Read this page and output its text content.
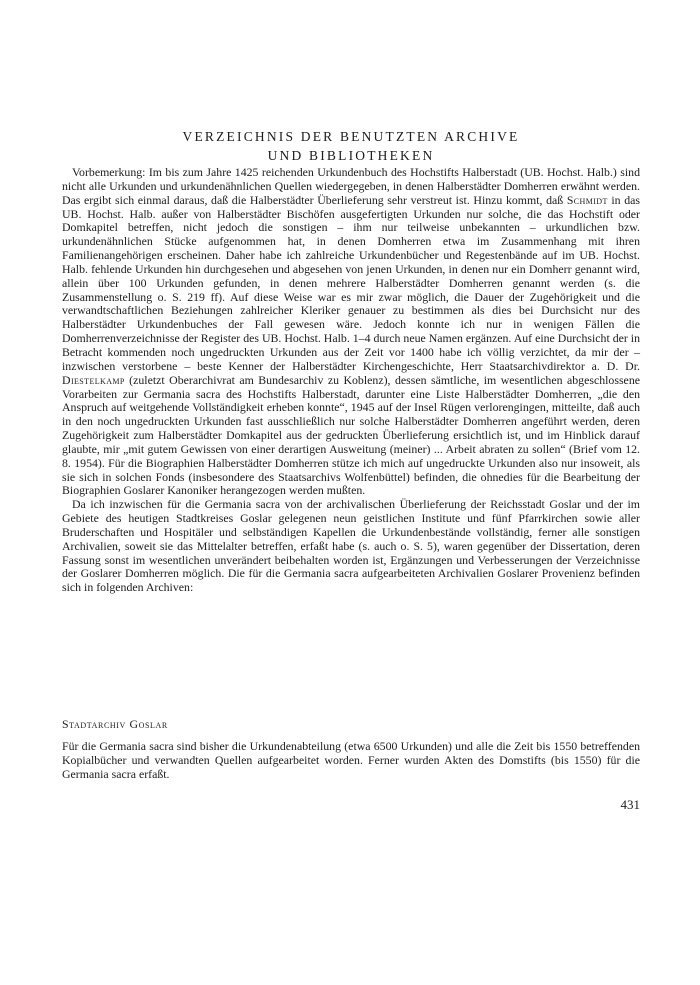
VERZEICHNIS DER BENUTZTEN ARCHIVE
UND BIBLIOTHEKEN

Vorbemerkung: Im bis zum Jahre 1425 reichenden Urkundenbuch des Hochstifts Halberstadt (UB. Hochst. Halb.) sind nicht alle Urkunden und urkundenähnlichen Quellen wiedergegeben, in denen Halberstädter Domherren erwähnt werden. Das ergibt sich einmal daraus, daß die Halberstädter Überlieferung sehr verstreut ist. Hinzu kommt, daß Schmidt in das UB. Hochst. Halb. außer von Halberstädter Bischöfen ausgefertigten Urkunden nur solche, die das Hochstift oder Domkapitel betreffen, nicht jedoch die sonstigen – ihm nur teilweise unbekannten – urkundlichen bzw. urkundenähnlichen Stücke aufgenommen hat, in denen Domherren etwa im Zusammenhang mit ihren Familienangehörigen erscheinen. Daher habe ich zahlreiche Urkundenbücher und Regestenbände auf im UB. Hochst. Halb. fehlende Urkunden hin durchgesehen und abgesehen von jenen Urkunden, in denen nur ein Domherr genannt wird, allein über 100 Urkunden gefunden, in denen mehrere Halberstädter Domherren genannt werden (s. die Zusammenstellung o. S. 219 ff). Auf diese Weise war es mir zwar möglich, die Dauer der Zugehörigkeit und die verwandtschaftlichen Beziehungen zahlreicher Kleriker genauer zu bestimmen als dies bei Durchsicht nur des Halberstädter Urkundenbuches der Fall gewesen wäre. Jedoch konnte ich nur in wenigen Fällen die Domherrenverzeichnisse der Register des UB. Hochst. Halb. 1–4 durch neue Namen ergänzen. Auf eine Durchsicht der in Betracht kommenden noch ungedruckten Urkunden aus der Zeit vor 1400 habe ich völlig verzichtet, da mir der – inzwischen verstorbene – beste Kenner der Halberstädter Kirchengeschichte, Herr Staatsarchivdirektor a. D. Dr. Diestelkamp (zuletzt Oberarchivrat am Bundesarchiv zu Koblenz), dessen sämtliche, im wesentlichen abgeschlossene Vorarbeiten zur Germania sacra des Hochstifts Halberstadt, darunter eine Liste Halberstädter Domherren, „die den Anspruch auf weitgehende Vollständigkeit erheben konnte“, 1945 auf der Insel Rügen verlorengingen, mitteilte, daß auch in den noch ungedruckten Urkunden fast ausschließlich nur solche Halberstädter Domherren angeführt werden, deren Zugehörigkeit zum Halberstädter Domkapitel aus der gedruckten Überlieferung ersichtlich ist, und im Hinblick darauf glaubte, mir „mit gutem Gewissen von einer derartigen Ausweitung (meiner) ... Arbeit abraten zu sollen“ (Brief vom 12. 8. 1954). Für die Biographien Halberstädter Domherren stütze ich mich auf ungedruckte Urkunden also nur insoweit, als sie sich in solchen Fonds (insbesondere des Staatsarchivs Wolfenbüttel) befinden, die ohnedies für die Bearbeitung der Biographien Goslarer Kanoniker herangezogen werden mußten.

Da ich inzwischen für die Germania sacra von der archivalischen Überlieferung der Reichsstadt Goslar und der im Gebiete des heutigen Stadtkreises Goslar gelegenen neun geistlichen Institute und fünf Pfarrkirchen sowie aller Bruderschaften und Hospitäler und selbständigen Kapellen die Urkundenbestände vollständig, ferner alle sonstigen Archivalien, soweit sie das Mittelalter betreffen, erfaßt habe (s. auch o. S. 5), waren gegenüber der Dissertation, deren Fassung sonst im wesentlichen unverändert beibehalten worden ist, Ergänzungen und Verbesserungen der Verzeichnisse der Goslarer Domherren möglich. Die für die Germania sacra aufgearbeiteten Archivalien Goslarer Provenienz befinden sich in folgenden Archiven:

Stadtarchiv Goslar

Für die Germania sacra sind bisher die Urkundenabteilung (etwa 6500 Urkunden) und alle die Zeit bis 1550 betreffenden Kopialbücher und verwandten Quellen aufgearbeitet worden. Ferner wurden Akten des Domstifts (bis 1550) für die Germania sacra erfaßt.

431
